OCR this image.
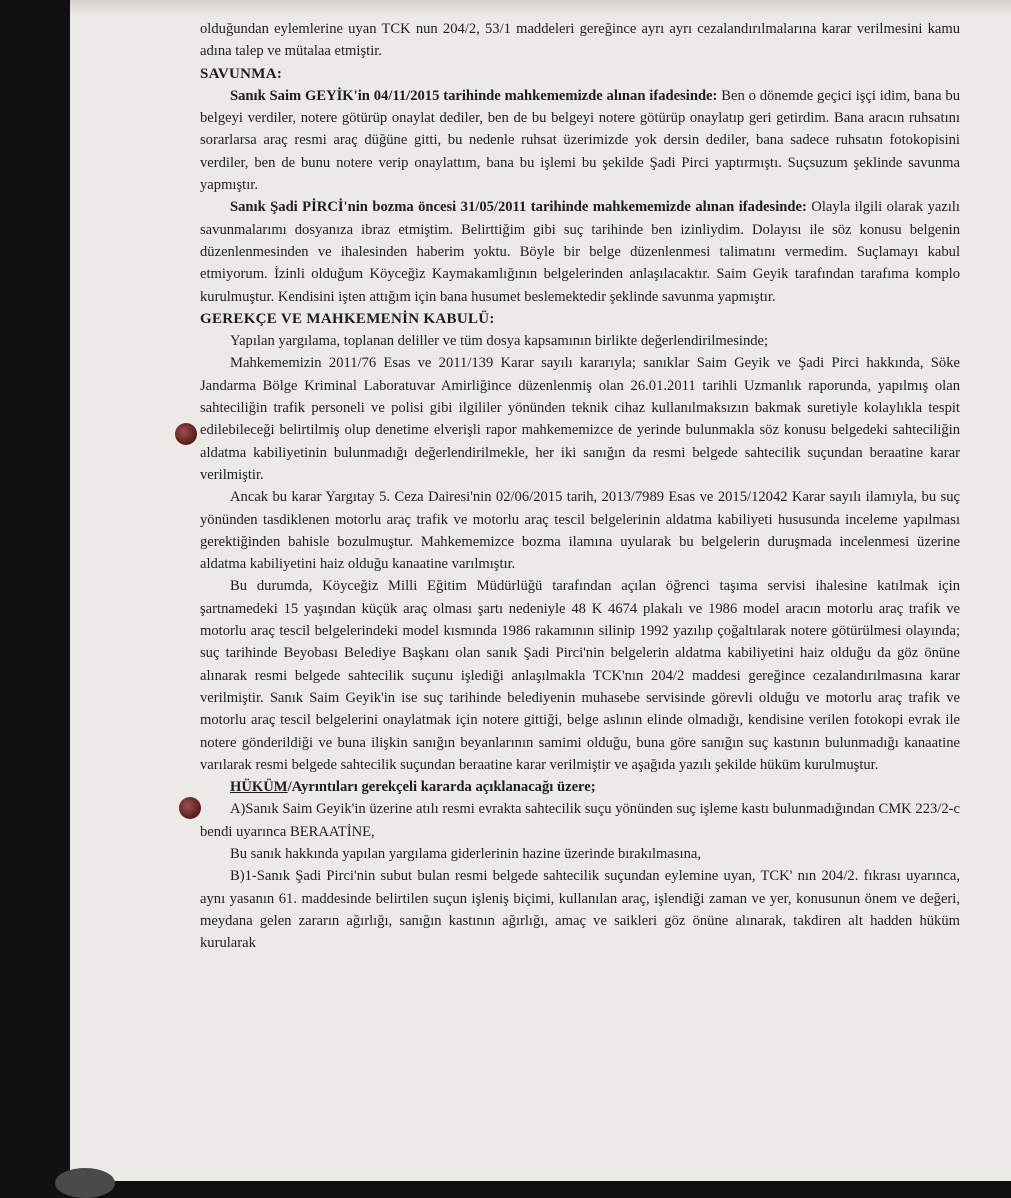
olduğundan eylemlerine uyan TCK nun 204/2, 53/1 maddeleri gereğince ayrı ayrı cezalandırılmalarına karar verilmesini kamu adına talep ve mütalaa etmiştir.

SAVUNMA:

Sanık Saim GEYİK'in 04/11/2015 tarihinde mahkememizde alınan ifadesinde: Ben o dönemde geçici işçi idim, bana bu belgeyi verdiler, notere götürüp onaylat dediler, ben de bu belgeyi notere götürüp onaylatıp geri getirdim. Bana aracın ruhsatını sorarlarsa araç resmi araç düğüne gitti, bu nedenle ruhsat üzerimizde yok dersin dediler, bana sadece ruhsatın fotokopisini verdiler, ben de bunu notere verip onaylattım, bana bu işlemi bu şekilde Şadi Pirci yaptırmıştı. Suçsuzum şeklinde savunma yapmıştır.

Sanık Şadi PİRCİ'nin bozma öncesi 31/05/2011 tarihinde mahkememizde alınan ifadesinde: Olayla ilgili olarak yazılı savunmalarımı dosyanıza ibraz etmiştim. Belirttiğim gibi suç tarihinde ben izinliydim. Dolayısı ile söz konusu belgenin düzenlenmesinden ve ihalesinden haberim yoktu. Böyle bir belge düzenlenmesi talimatını vermedim. Suçlamayı kabul etmiyorum. İzinli olduğum Köyceğiz Kaymakamlığının belgelerinden anlaşılacaktır. Saim Geyik tarafından tarafıma komplo kurulmuştur. Kendisini işten attığım için bana husumet beslemektedir şeklinde savunma yapmıştır.

GEREKÇE VE MAHKEMENİN KABULÜ:

Yapılan yargılama, toplanan deliller ve tüm dosya kapsamının birlikte değerlendirilmesinde;

Mahkememizin 2011/76 Esas ve 2011/139 Karar sayılı kararıyla; sanıklar Saim Geyik ve Şadi Pirci hakkında, Söke Jandarma Bölge Kriminal Laboratuvar Amirliğince düzenlenmiş olan 26.01.2011 tarihli Uzmanlık raporunda, yapılmış olan sahteciliğin trafik personeli ve polisi gibi ilgililer yönünden teknik cihaz kullanılmaksızın bakmak suretiyle kolaylıkla tespit edilebileceği belirtilmiş olup denetime elverişli rapor mahkememizce de yerinde bulunmakla söz konusu belgedeki sahteciliğin aldatma kabiliyetinin bulunmadığı değerlendirilmekle, her iki sanığın da resmi belgede sahtecilik suçundan beraatine karar verilmiştir.

Ancak bu karar Yargıtay 5. Ceza Dairesi'nin 02/06/2015 tarih, 2013/7989 Esas ve 2015/12042 Karar sayılı ilamıyla, bu suç yönünden tasdiklenen motorlu araç trafik ve motorlu araç tescil belgelerinin aldatma kabiliyeti hususunda inceleme yapılması gerektiğinden bahisle bozulmuştur. Mahkememizce bozma ilamına uyularak bu belgelerin duruşmada incelenmesi üzerine aldatma kabiliyetini haiz olduğu kanaatine varılmıştır.

Bu durumda, Köyceğiz Milli Eğitim Müdürlüğü tarafından açılan öğrenci taşıma servisi ihalesine katılmak için şartnamedeki 15 yaşından küçük araç olması şartı nedeniyle 48 K 4674 plakalı ve 1986 model aracın motorlu araç trafik ve motorlu araç tescil belgelerindeki model kısmında 1986 rakamının silinip 1992 yazılıp çoğaltılarak notere götürülmesi olayında; suç tarihinde Beyobası Belediye Başkanı olan sanık Şadi Pirci'nin belgelerin aldatma kabiliyetini haiz olduğu da göz önüne alınarak resmi belgede sahtecilik suçunu işlediği anlaşılmakla TCK'nın 204/2 maddesi gereğince cezalandırılmasına karar verilmiştir. Sanık Saim Geyik'in ise suç tarihinde belediyenin muhasebe servisinde görevli olduğu ve motorlu araç trafik ve motorlu araç tescil belgelerini onaylatmak için notere gittiği, belge aslının elinde olmadığı, kendisine verilen fotokopi evrak ile notere gönderildiği ve buna ilişkin sanığın beyanlarının samimi olduğu, buna göre sanığın suç kastının bulunmadığı kanaatine varılarak resmi belgede sahtecilik suçundan beraatine karar verilmiştir ve aşağıda yazılı şekilde hüküm kurulmuştur.

HÜKÜM/Ayrıntıları gerekçeli kararda açıklanacağı üzere;

A)Sanık Saim Geyik'in üzerine atılı resmi evrakta sahtecilik suçu yönünden suç işleme kastı bulunmadığından CMK 223/2-c bendi uyarınca BERAATİNE,

Bu sanık hakkında yapılan yargılama giderlerinin hazine üzerinde bırakılmasına,

B)1-Sanık Şadi Pirci'nin subut bulan resmi belgede sahtecilik suçundan eylemine uyan, TCK' nın 204/2. fıkrası uyarınca, aynı yasanın 61. maddesinde belirtilen suçun işleniş biçimi, kullanılan araç, işlendiği zaman ve yer, konusunun önem ve değeri, meydana gelen zararın ağırlığı, sanığın kastının ağırlığı, amaç ve saikleri göz önüne alınarak, takdiren alt hadden hüküm kurularak
